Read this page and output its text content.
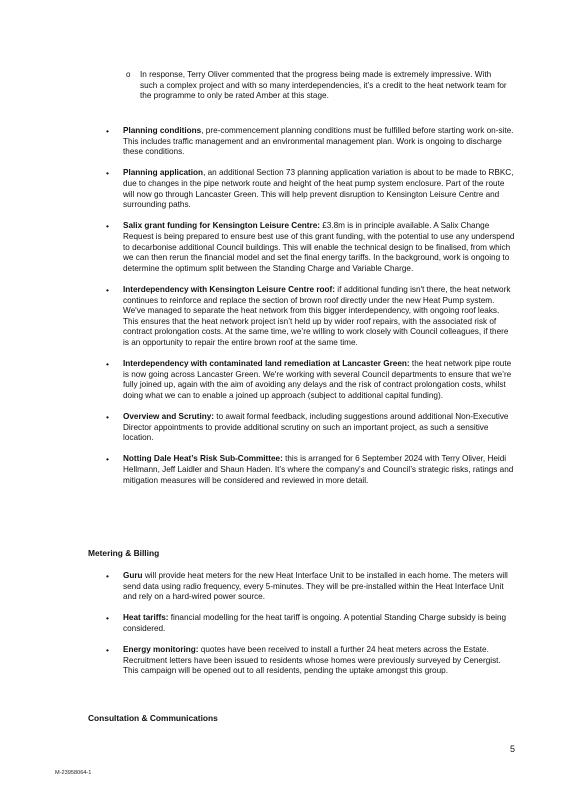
o In response, Terry Oliver commented that the progress being made is extremely impressive. With such a complex project and with so many interdependencies, it’s a credit to the heat network team for the programme to only be rated Amber at this stage.
• Planning conditions, pre-commencement planning conditions must be fulfilled before starting work on-site. This includes traffic management and an environmental management plan. Work is ongoing to discharge these conditions.
• Planning application, an additional Section 73 planning application variation is about to be made to RBKC, due to changes in the pipe network route and height of the heat pump system enclosure. Part of the route will now go through Lancaster Green. This will help prevent disruption to Kensington Leisure Centre and surrounding paths.
• Salix grant funding for Kensington Leisure Centre: £3.8m is in principle available. A Salix Change Request is being prepared to ensure best use of this grant funding, with the potential to use any underspend to decarbonise additional Council buildings. This will enable the technical design to be finalised, from which we can then rerun the financial model and set the final energy tariffs. In the background, work is ongoing to determine the optimum split between the Standing Charge and Variable Charge.
• Interdependency with Kensington Leisure Centre roof: if additional funding isn't there, the heat network continues to reinforce and replace the section of brown roof directly under the new Heat Pump system. We've managed to separate the heat network from this bigger interdependency, with ongoing roof leaks. This ensures that the heat network project isn’t held up by wider roof repairs, with the associated risk of contract prolongation costs. At the same time, we’re willing to work closely with Council colleagues, if there is an opportunity to repair the entire brown roof at the same time.
• Interdependency with contaminated land remediation at Lancaster Green: the heat network pipe route is now going across Lancaster Green. We're working with several Council departments to ensure that we’re fully joined up, again with the aim of avoiding any delays and the risk of contract prolongation costs, whilst doing what we can to enable a joined up approach (subject to additional capital funding).
• Overview and Scrutiny: to await formal feedback, including suggestions around additional Non-Executive Director appointments to provide additional scrutiny on such an important project, as such a sensitive location.
• Notting Dale Heat’s Risk Sub-Committee: this is arranged for 6 September 2024 with Terry Oliver, Heidi Hellmann, Jeff Laidler and Shaun Haden. It’s where the company’s and Council’s strategic risks, ratings and mitigation measures will be considered and reviewed in more detail.
Metering & Billing
• Guru will provide heat meters for the new Heat Interface Unit to be installed in each home. The meters will send data using radio frequency, every 5-minutes. They will be pre-installed within the Heat Interface Unit and rely on a hard-wired power source.
• Heat tariffs: financial modelling for the heat tariff is ongoing. A potential Standing Charge subsidy is being considered.
• Energy monitoring: quotes have been received to install a further 24 heat meters across the Estate. Recruitment letters have been issued to residents whose homes were previously surveyed by Cenergist. This campaign will be opened out to all residents, pending the uptake amongst this group.
Consultation & Communications
5
M-23958064-1
